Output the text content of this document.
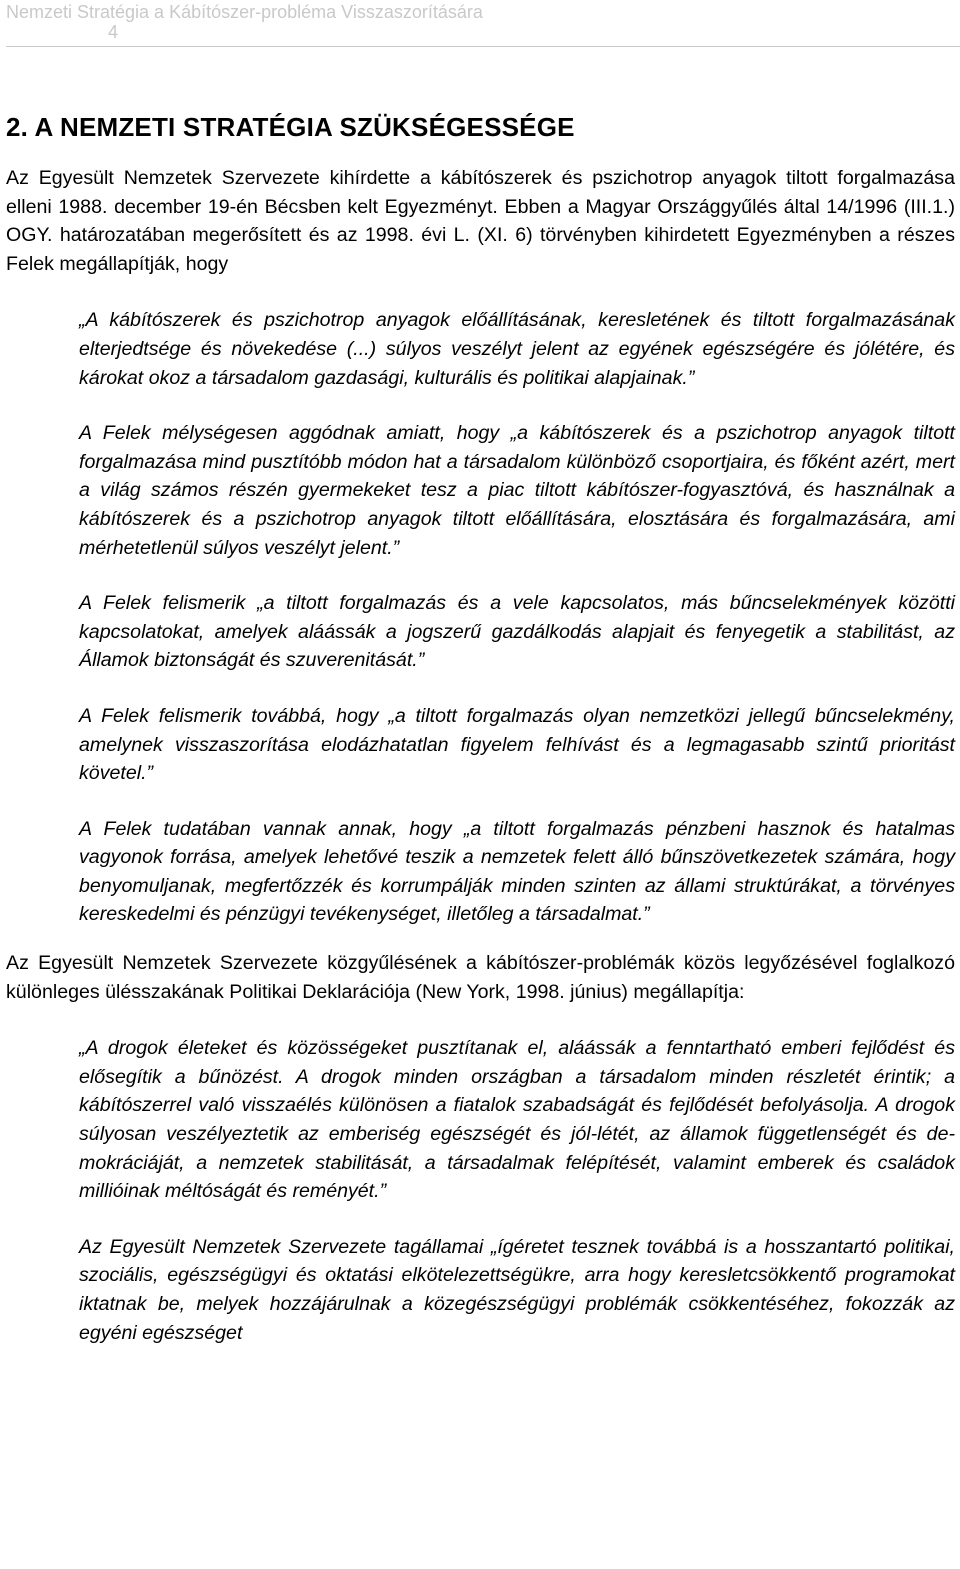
Nemzeti Stratégia a Kábítószer-probléma Visszaszorítására
4
2. A NEMZETI STRATÉGIA SZÜKSÉGESSÉGE

Az Egyesült Nemzetek Szervezete kihírdette a kábítószerek és pszichotrop anyagok tiltott forgalmazása elleni 1988. december 19-én Bécsben kelt Egyezményt. Ebben a Magyar Országgyűlés által 14/1996 (III.1.) OGY. határozatában megerősített és az 1998. évi L. (XI. 6) törvényben kihirdetett Egyezményben a részes Felek megállapítják, hogy

„A kábítószerek és pszichotrop anyagok előállításának, keresletének és tiltott forgalmazásának elterjedtsége és növekedése (...) súlyos veszélyt jelent az egyének egészségére és jólétére, és károkat okoz a társadalom gazdasági, kulturális és politikai alapjainak.”

A Felek mélységesen aggódnak amiatt, hogy „a kábítószerek és a pszichotrop anyagok tiltott forgalmazása mind pusztítóbb módon hat a társadalom különböző csoportjaira, és főként azért, mert a világ számos részén gyermekeket tesz a piac tiltott kábítószer-fogyasztóvá, és használnak a kábítószerek és a pszichotrop anyagok tiltott előállítására, elosztására és forgalmazására, ami mérhetetlenül súlyos veszélyt jelent.”

A Felek felismerik „a tiltott forgalmazás és a vele kapcsolatos, más bűncselekmények közötti kapcsolatokat, amelyek aláássák a jogszerű gazdálkodás alapjait és fenyegetik a stabilitást, az Államok biztonságát és szuverenitását.”

A Felek felismerik továbbá, hogy „a tiltott forgalmazás olyan nemzetközi jellegű bűncselekmény, amelynek visszaszorítása elodázhatatlan figyelem felhívást és a legmagasabb szintű prioritást követel.”

A Felek tudatában vannak annak, hogy „a tiltott forgalmazás pénzbeni hasznok és hatalmas vagyonok forrása, amelyek lehetővé teszik a nemzetek felett álló bűnszövetkezetek számára, hogy benyomuljanak, megfertőzzék és korrumpálják minden szinten az állami struktúrákat, a törvényes kereskedelmi és pénzügyi tevékenységet, illetőleg a társadalmat.”

Az Egyesült Nemzetek Szervezete közgyűlésének a kábítószer-problémák közös legyőzésével foglalkozó különleges ülésszakának Politikai Deklarációja (New York, 1998. június) megállapítja:

„A drogok életeket és közösségeket pusztítanak el, aláássák a fenntartható emberi fejlődést és elősegítik a bűnözést. A drogok minden országban a társadalom minden részletét érintik; a kábítószerrel való visszaélés különösen a fiatalok szabadságát és fejlődését befolyásolja. A drogok súlyosan veszélyeztetik az emberiség egészségét és jól-létét, az államok függetlenségét és demokráciáját, a nemzetek stabilitását, a társadalmak felépítését, valamint emberek és családok millióinak méltóságát és reményét.”

Az Egyesült Nemzetek Szervezete tagállamai „ígéretet tesznek továbbá is a hosszantartó politikai, szociális, egészségügyi és oktatási elkötelezettségükre, arra hogy keresletcsökkentő programokat iktatnak be, melyek hozzájárulnak a közegészségügyi problémák csökkentéséhez, fokozzák az egyéni egészséget
